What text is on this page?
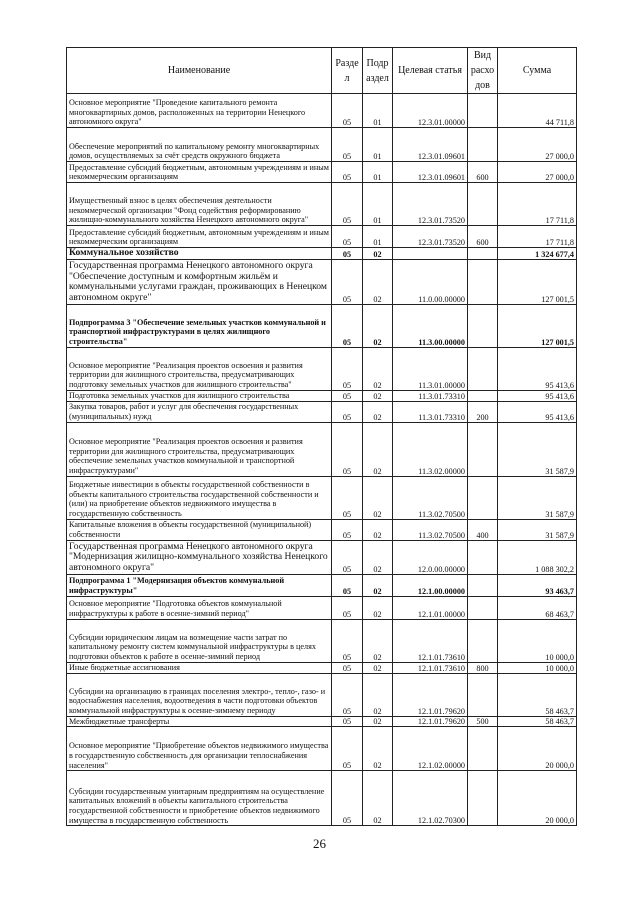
Наименование	Разде л	Подр аздел	Целевая статья	Вид расхо дов	Сумма
Основное мероприятие "Проведение капитального ремонта многоквартирных домов, расположенных на территории Ненецкого автономного округа"	05	01	12.3.01.00000		44 711,8
Обеспечение мероприятий по капитальному ремонту многоквартирных домов, осуществляемых за счёт средств окружного бюджета	05	01	12.3.01.09601		27 000,0
Предоставление субсидий бюджетным, автономным учреждениям и иным некоммерческим организациям	05	01	12.3.01.09601	600	27 000,0
Имущественный взнос в целях обеспечения деятельности некоммерческой организации "Фонд содействия реформированию жилищно-коммунального хозяйства Ненецкого автономного округа"	05	01	12.3.01.73520		17 711,8
Предоставление субсидий бюджетным, автономным учреждениям и иным некоммерческим организациям	05	01	12.3.01.73520	600	17 711,8
Коммунальное хозяйство	05	02			1 324 677,4
Государственная программа Ненецкого автономного округа "Обеспечение доступным и комфортным жильём и коммунальными услугами граждан, проживающих в Ненецком автономном округе"	05	02	11.0.00.00000		127 001,5
Подпрограмма 3 "Обеспечение земельных участков коммунальной и транспортной инфраструктурами в целях жилищного строительства"	05	02	11.3.00.00000		127 001,5
Основное мероприятие "Реализация проектов освоения и развития территории для жилищного строительства, предусматривающих подготовку земельных участков для жилищного строительства"	05	02	11.3.01.00000		95 413,6
Подготовка земельных участков для жилищного строительства	05	02	11.3.01.73310		95 413,6
Закупка товаров, работ и услуг для обеспечения государственных (муниципальных) нужд	05	02	11.3.01.73310	200	95 413,6
Основное мероприятие "Реализация проектов освоения и развития территории для жилищного строительства, предусматривающих обеспечение земельных участков коммунальной и транспортной инфраструктурами"	05	02	11.3.02.00000		31 587,9
Бюджетные инвестиции в объекты государственной собственности в объекты капитального строительства государственной собственности и (или) на приобретение объектов недвижимого имущества в государственную собственность	05	02	11.3.02.70500		31 587,9
Капитальные вложения в объекты государственной (муниципальной) собственности	05	02	11.3.02.70500	400	31 587,9
Государственная программа Ненецкого автономного округа "Модернизация жилищно-коммунального хозяйства Ненецкого автономного округа"	05	02	12.0.00.00000		1 088 302,2
Подпрограмма 1 "Модернизация объектов коммунальной инфраструктуры"	05	02	12.1.00.00000		93 463,7
Основное мероприятие "Подготовка объектов коммунальной инфраструктуры к работе в осенне-зимний период"	05	02	12.1.01.00000		68 463,7
Субсидии юридическим лицам на возмещение части затрат по капитальному ремонту систем коммунальной инфраструктуры в целях подготовки объектов к работе в осенне-зимний период	05	02	12.1.01.73610		10 000,0
Иные бюджетные ассигнования	05	02	12.1.01.73610	800	10 000,0
Субсидии на организацию в границах поселения электро-, тепло-, газо- и водоснабжения населения, водоотведения в части подготовки объектов коммунальной инфраструктуры к осенне-зимнему периоду	05	02	12.1.01.79620		58 463,7
Межбюджетные трансферты	05	02	12.1.01.79620	500	58 463,7
Основное мероприятие "Приобретение объектов недвижимого имущества в государственную собственность для организации теплоснабжения населения"	05	02	12.1.02.00000		20 000,0
Субсидии государственным унитарным предприятиям на осуществление капитальных вложений в объекты капитального строительства государственной собственности и приобретение объектов недвижимого имущества в государственную собственность	05	02	12.1.02.70300		20 000,0
26
